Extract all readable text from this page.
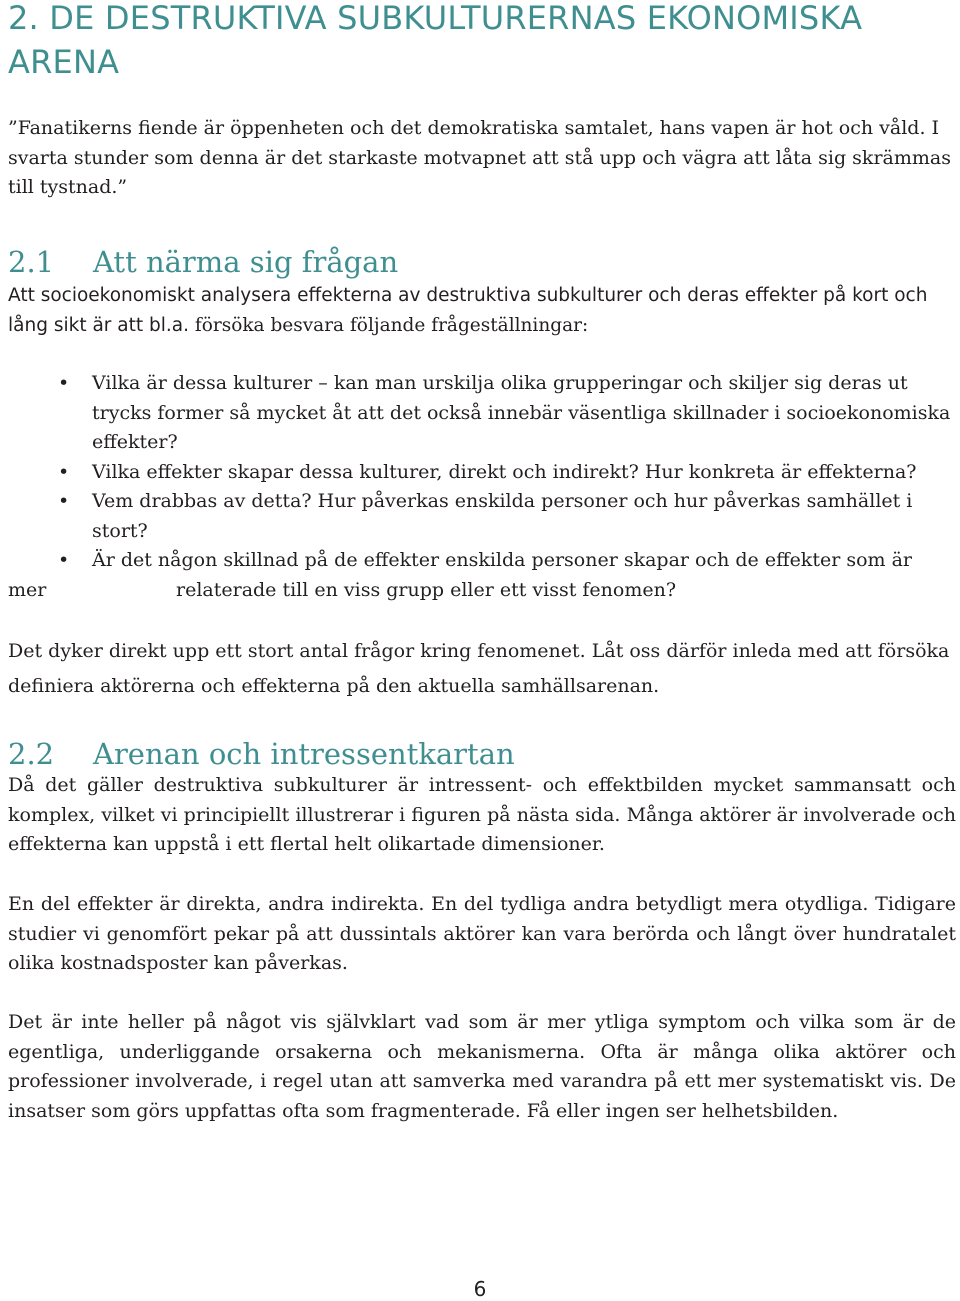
2. DE DESTRUKTIVA SUBKULTURERNAS EKONOMISKA ARENA

”Fanatikerns fiende är öppenheten och det demokratiska samtalet, hans vapen är hot och våld. I svarta stunder som denna är det starkaste motvapnet att stå upp och vägra att låta sig skrämmas till tystnad.”

2.1 Att närma sig frågan

Att socioekonomiskt analysera effekterna av destruktiva subkulturer och deras effekter på kort och lång sikt är att bl.a. försöka besvara följande frågeställningar:

• Vilka är dessa kulturer – kan man urskilja olika grupperingar och skiljer sig deras ut trycks former så mycket åt att det också innebär väsentliga skillnader i socioekonomiska effekter?
• Vilka effekter skapar dessa kulturer, direkt och indirekt? Hur konkreta är effekterna?
• Vem drabbas av detta? Hur påverkas enskilda personer och hur påverkas samhället i stort?
• Är det någon skillnad på de effekter enskilda personer skapar och de effekter som är
mer	relaterade till en viss grupp eller ett visst fenomen?

Det dyker direkt upp ett stort antal frågor kring fenomenet. Låt oss därför inleda med att försöka definiera aktörerna och effekterna på den aktuella samhällsarenan.

2.2 Arenan och intressentkartan

Då det gäller destruktiva subkulturer är intressent- och effektbilden mycket sammansatt och komplex, vilket vi principiellt illustrerar i figuren på nästa sida. Många aktörer är involverade och effekterna kan uppstå i ett flertal helt olikartade dimensioner.

En del effekter är direkta, andra indirekta. En del tydliga andra betydligt mera otydliga. Tidigare studier vi genomfört pekar på att dussintals aktörer kan vara berörda och långt över hundratalet olika kostnadsposter kan påverkas.

Det är inte heller på något vis självklart vad som är mer ytliga symptom och vilka som är de egentliga, underliggande orsakerna och mekanismerna. Ofta är många olika aktörer och professioner involverade, i regel utan att samverka med varandra på ett mer systematiskt vis. De insatser som görs uppfattas ofta som fragmenterade. Få eller ingen ser helhetsbilden.

6
